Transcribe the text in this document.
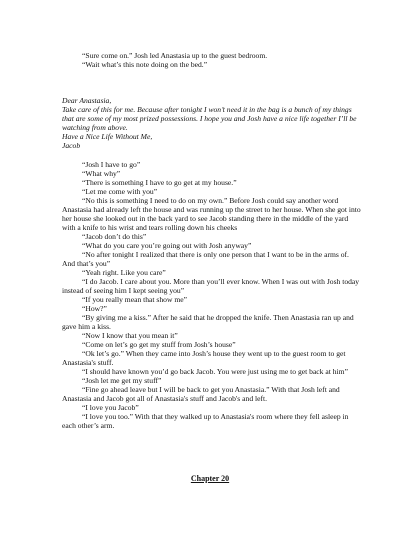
“Sure come on.” Josh led Anastasia up to the guest bedroom.

“Wait what’s this note doing on the bed.”

Dear Anastasia,

Take care of this for me. Because after tonight I won’t need it in the bag is a bunch of my things that are some of my most prized possessions. I hope you and Josh have a nice life together I’ll be watching from above.

Have a Nice Life Without Me,

Jacob

“Josh I have to go”

“What why”

“There is something I have to go get at my house.”

“Let me come with you”

“No this is something I need to do on my own.” Before Josh could say another word Anastasia had already left the house and was running up the street to her house. When she got into her house she looked out in the back yard to see Jacob standing there in the middle of the yard with a knife to his wrist and tears rolling down his cheeks

“Jacob don’t do this”

“What do you care you’re going out with Josh anyway”

“No after tonight I realized that there is only one person that I want to be in the arms of. And that’s you”

“Yeah right. Like you care”

“I do Jacob. I care about you. More than you’ll ever know. When I was out with Josh today instead of seeing him I kept seeing you”

“If you really mean that show me”

“How?”

“By giving me a kiss.” After he said that he dropped the knife. Then Anastasia ran up and gave him a kiss.

“Now I know that you mean it”

“Come on let’s go get my stuff from Josh’s house”

“Ok let’s go.” When they came into Josh’s house they went up to the guest room to get Anastasia's stuff.

“I should have known you’d go back Jacob. You were just using me to get back at him”

“Josh let me get my stuff”

“Fine go ahead leave but I will be back to get you Anastasia.” With that Josh left and Anastasia and Jacob got all of Anastasia's stuff and Jacob's and left.

“I love you Jacob”

“I love you too.” With that they walked up to Anastasia's room where they fell asleep in each other’s arm.

Chapter 20
